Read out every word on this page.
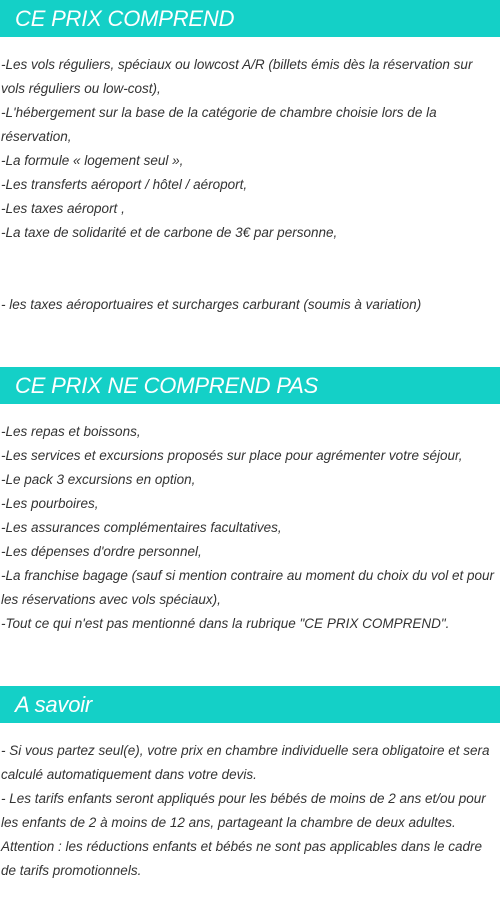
CE PRIX COMPREND

-Les vols réguliers, spéciaux ou lowcost A/R (billets émis dès la réservation sur vols réguliers ou low-cost),

-L'hébergement sur la base de la catégorie de chambre choisie lors de la réservation,

-La formule « logement seul »,

-Les transferts aéroport / hôtel / aéroport,

-Les taxes aéroport ,

-La taxe de solidarité et de carbone de 3€ par personne,

- les taxes aéroportuaires et surcharges carburant (soumis à variation)

CE PRIX NE COMPREND PAS

-Les repas et boissons,

-Les services et excursions proposés sur place pour agrémenter votre séjour,

-Le pack 3 excursions en option,

-Les pourboires,

-Les assurances complémentaires facultatives,

-Les dépenses d'ordre personnel,

-La franchise bagage (sauf si mention contraire au moment du choix du vol et pour les réservations avec vols spéciaux),

-Tout ce qui n'est pas mentionné dans la rubrique "CE PRIX COMPREND".

A savoir

- Si vous partez seul(e), votre prix en chambre individuelle sera obligatoire et sera calculé automatiquement dans votre devis.

- Les tarifs enfants seront appliqués pour les bébés de moins de 2 ans et/ou pour les enfants de 2 à moins de 12 ans, partageant la chambre de deux adultes.

Attention : les réductions enfants et bébés ne sont pas applicables dans le cadre de tarifs promotionnels.
